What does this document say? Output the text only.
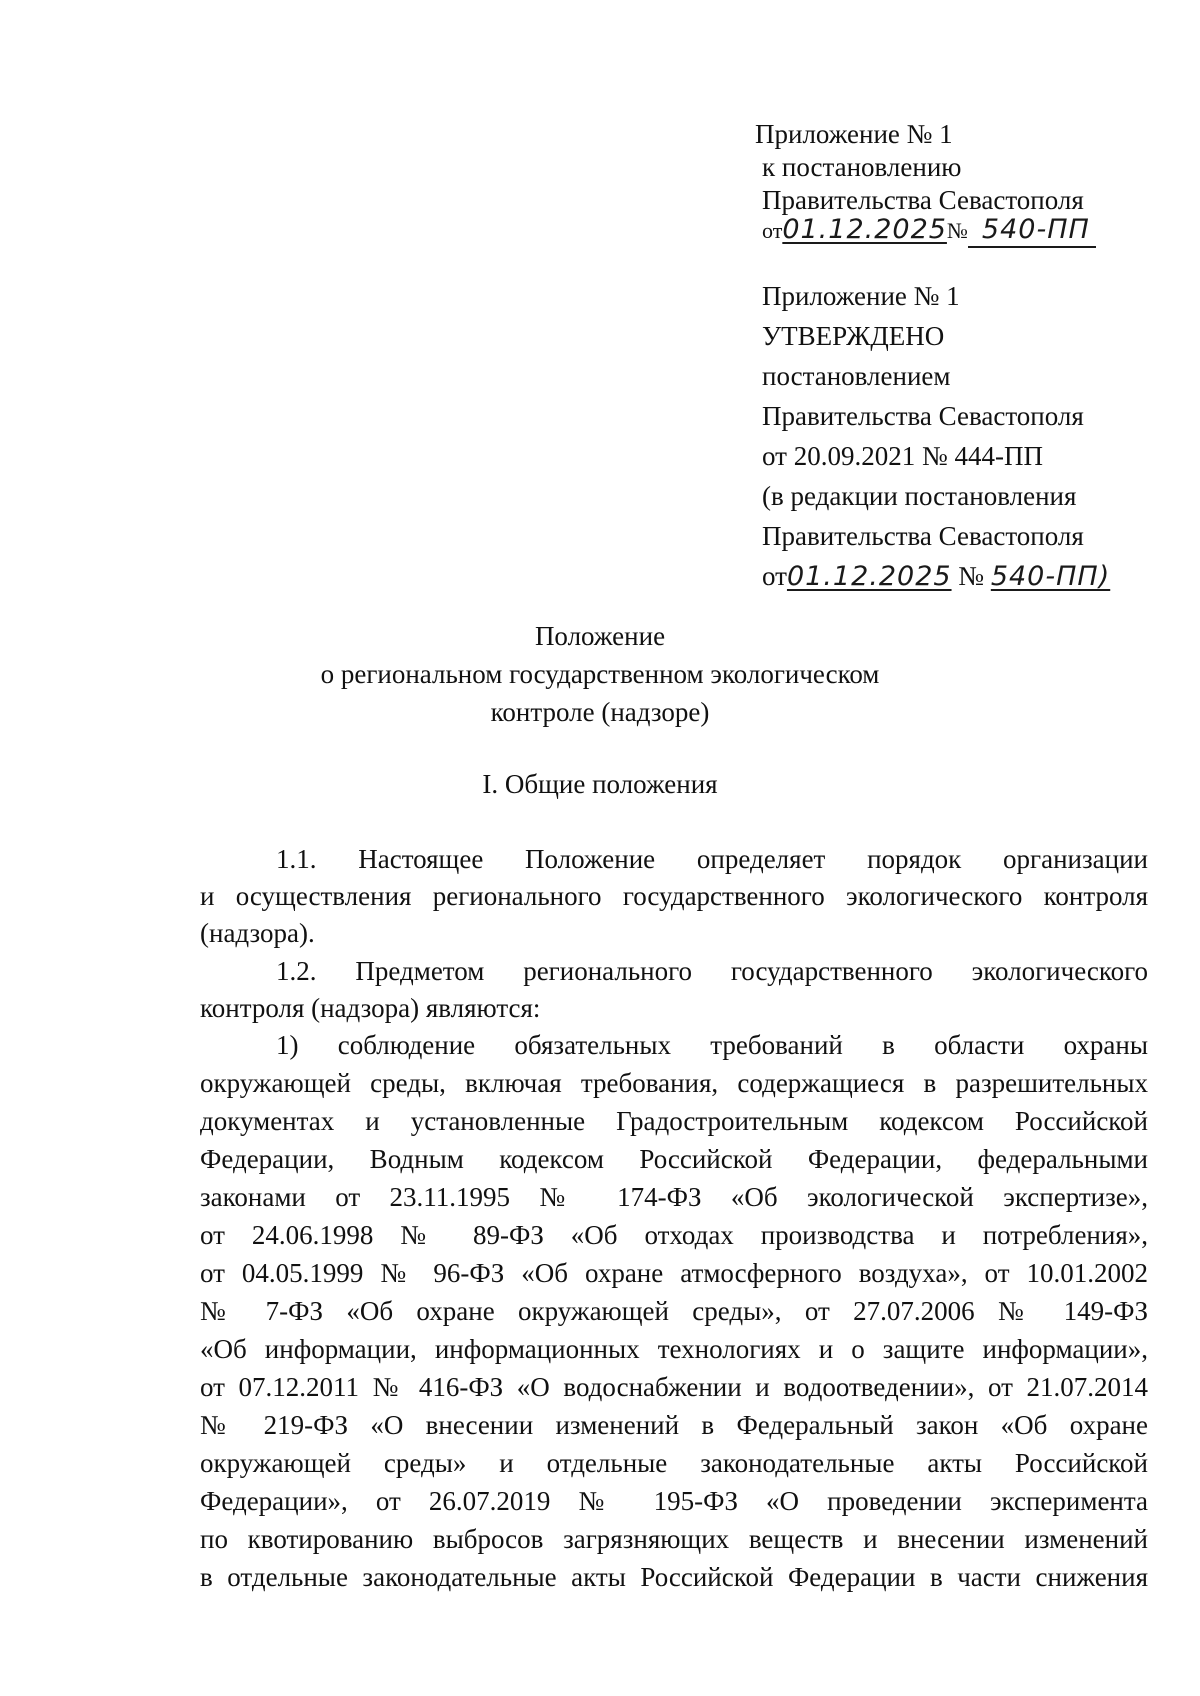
Приложение № 1
к постановлению
Правительства Севастополя
от01.12.2025№ 540-ПП
Приложение № 1
УТВЕРЖДЕНО
постановлением
Правительства Севастополя
от 20.09.2021 № 444-ПП
(в редакции постановления
Правительства Севастополя
от01.12.2025 № 540-ПП)
Положение
о региональном государственном экологическом
контроле (надзоре)
I. Общие положения
1.1. Настоящее Положение определяет порядок организации
и осуществления регионального государственного экологического контроля
(надзора).
1.2. Предметом регионального государственного экологического
контроля (надзора) являются:
1) соблюдение обязательных требований в области охраны
окружающей среды, включая требования, содержащиеся в разрешительных
документах и установленные Градостроительным кодексом Российской
Федерации, Водным кодексом Российской Федерации, федеральными
законами от 23.11.1995 № 174-ФЗ «Об экологической экспертизе»,
от 24.06.1998 № 89-ФЗ «Об отходах производства и потребления»,
от 04.05.1999 № 96-ФЗ «Об охране атмосферного воздуха», от 10.01.2002
№ 7-ФЗ «Об охране окружающей среды», от 27.07.2006 № 149-ФЗ
«Об информации, информационных технологиях и о защите информации»,
от 07.12.2011 № 416-ФЗ «О водоснабжении и водоотведении», от 21.07.2014
№ 219-ФЗ «О внесении изменений в Федеральный закон «Об охране
окружающей среды» и отдельные законодательные акты Российской
Федерации», от 26.07.2019 № 195-ФЗ «О проведении эксперимента
по квотированию выбросов загрязняющих веществ и внесении изменений
в отдельные законодательные акты Российской Федерации в части снижения
